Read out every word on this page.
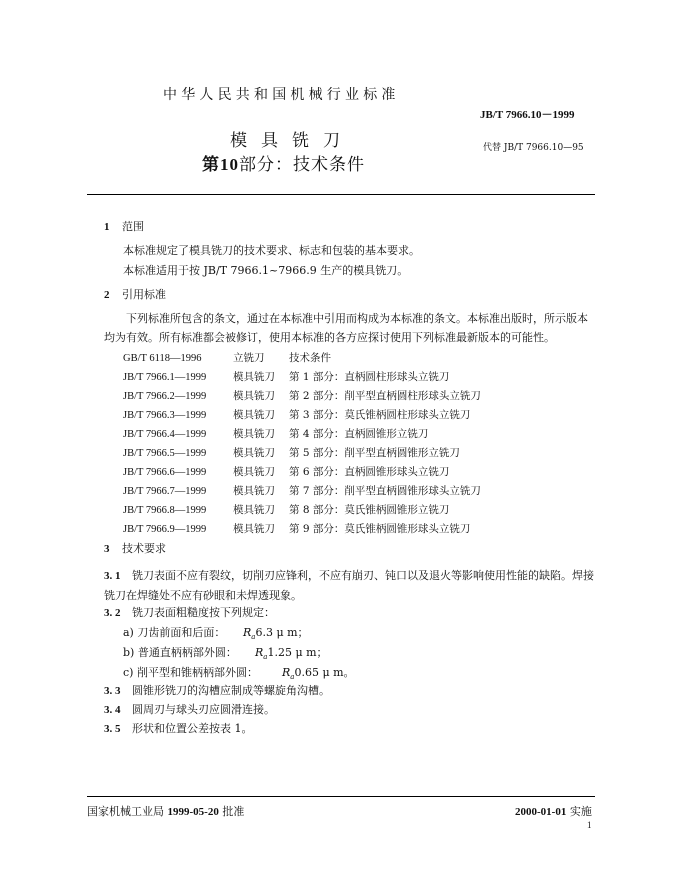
中华人民共和国机械行业标准
JB/T 7966.10－1999
模具铣刀
第10部分：技术条件
代替 JB/T 7966.10—95
1 范围
本标准规定了模具铣刀的技术要求、标志和包装的基本要求。
本标准适用于按 JB/T 7966.1~7966.9 生产的模具铣刀。
2 引用标准
下列标准所包含的条文，通过在本标准中引用而构成为本标准的条文。本标准出版时，所示版本均为有效。所有标准都会被修订，使用本标准的各方应探讨使用下列标准最新版本的可能性。
GB/T 6118—1996	立铣刀 技术条件
JB/T 7966.1—1999	模具铣刀 第 1 部分：直柄圆柱形球头立铣刀
JB/T 7966.2—1999	模具铣刀 第 2 部分：削平型直柄圆柱形球头立铣刀
JB/T 7966.3—1999	模具铣刀 第 3 部分：莫氏锥柄圆柱形球头立铣刀
JB/T 7966.4—1999	模具铣刀 第 4 部分：直柄圆锥形立铣刀
JB/T 7966.5—1999	模具铣刀 第 5 部分：削平型直柄圆锥形立铣刀
JB/T 7966.6—1999	模具铣刀 第 6 部分：直柄圆锥形球头立铣刀
JB/T 7966.7—1999	模具铣刀 第 7 部分：削平型直柄圆锥形球头立铣刀
JB/T 7966.8—1999	模具铣刀 第 8 部分：莫氏锥柄圆锥形立铣刀
JB/T 7966.9—1999	模具铣刀 第 9 部分：莫氏锥柄圆锥形球头立铣刀
3 技术要求
3. 1 铣刀表面不应有裂纹，切削刃应锋利，不应有崩刃、钝口以及退火等影响使用性能的缺陷。焊接铣刀在焊缝处不应有砂眼和未焊透现象。
3. 2 铣刀表面粗糙度按下列规定：
a) 刀齿前面和后面： $R_a6.3$ μ m；
b) 普通直柄柄部外圆： $R_a1.25$ μ m；
c) 削平型和锥柄柄部外圆： $R_a0.65$ μ m。
3. 3 圆锥形铣刀的沟槽应制成等螺旋角沟槽。
3. 4 圆周刃与球头刃应圆滑连接。
3. 5 形状和位置公差按表 1。
国家机械工业局 1999-05-20 批准	2000-01-01 实施
1
